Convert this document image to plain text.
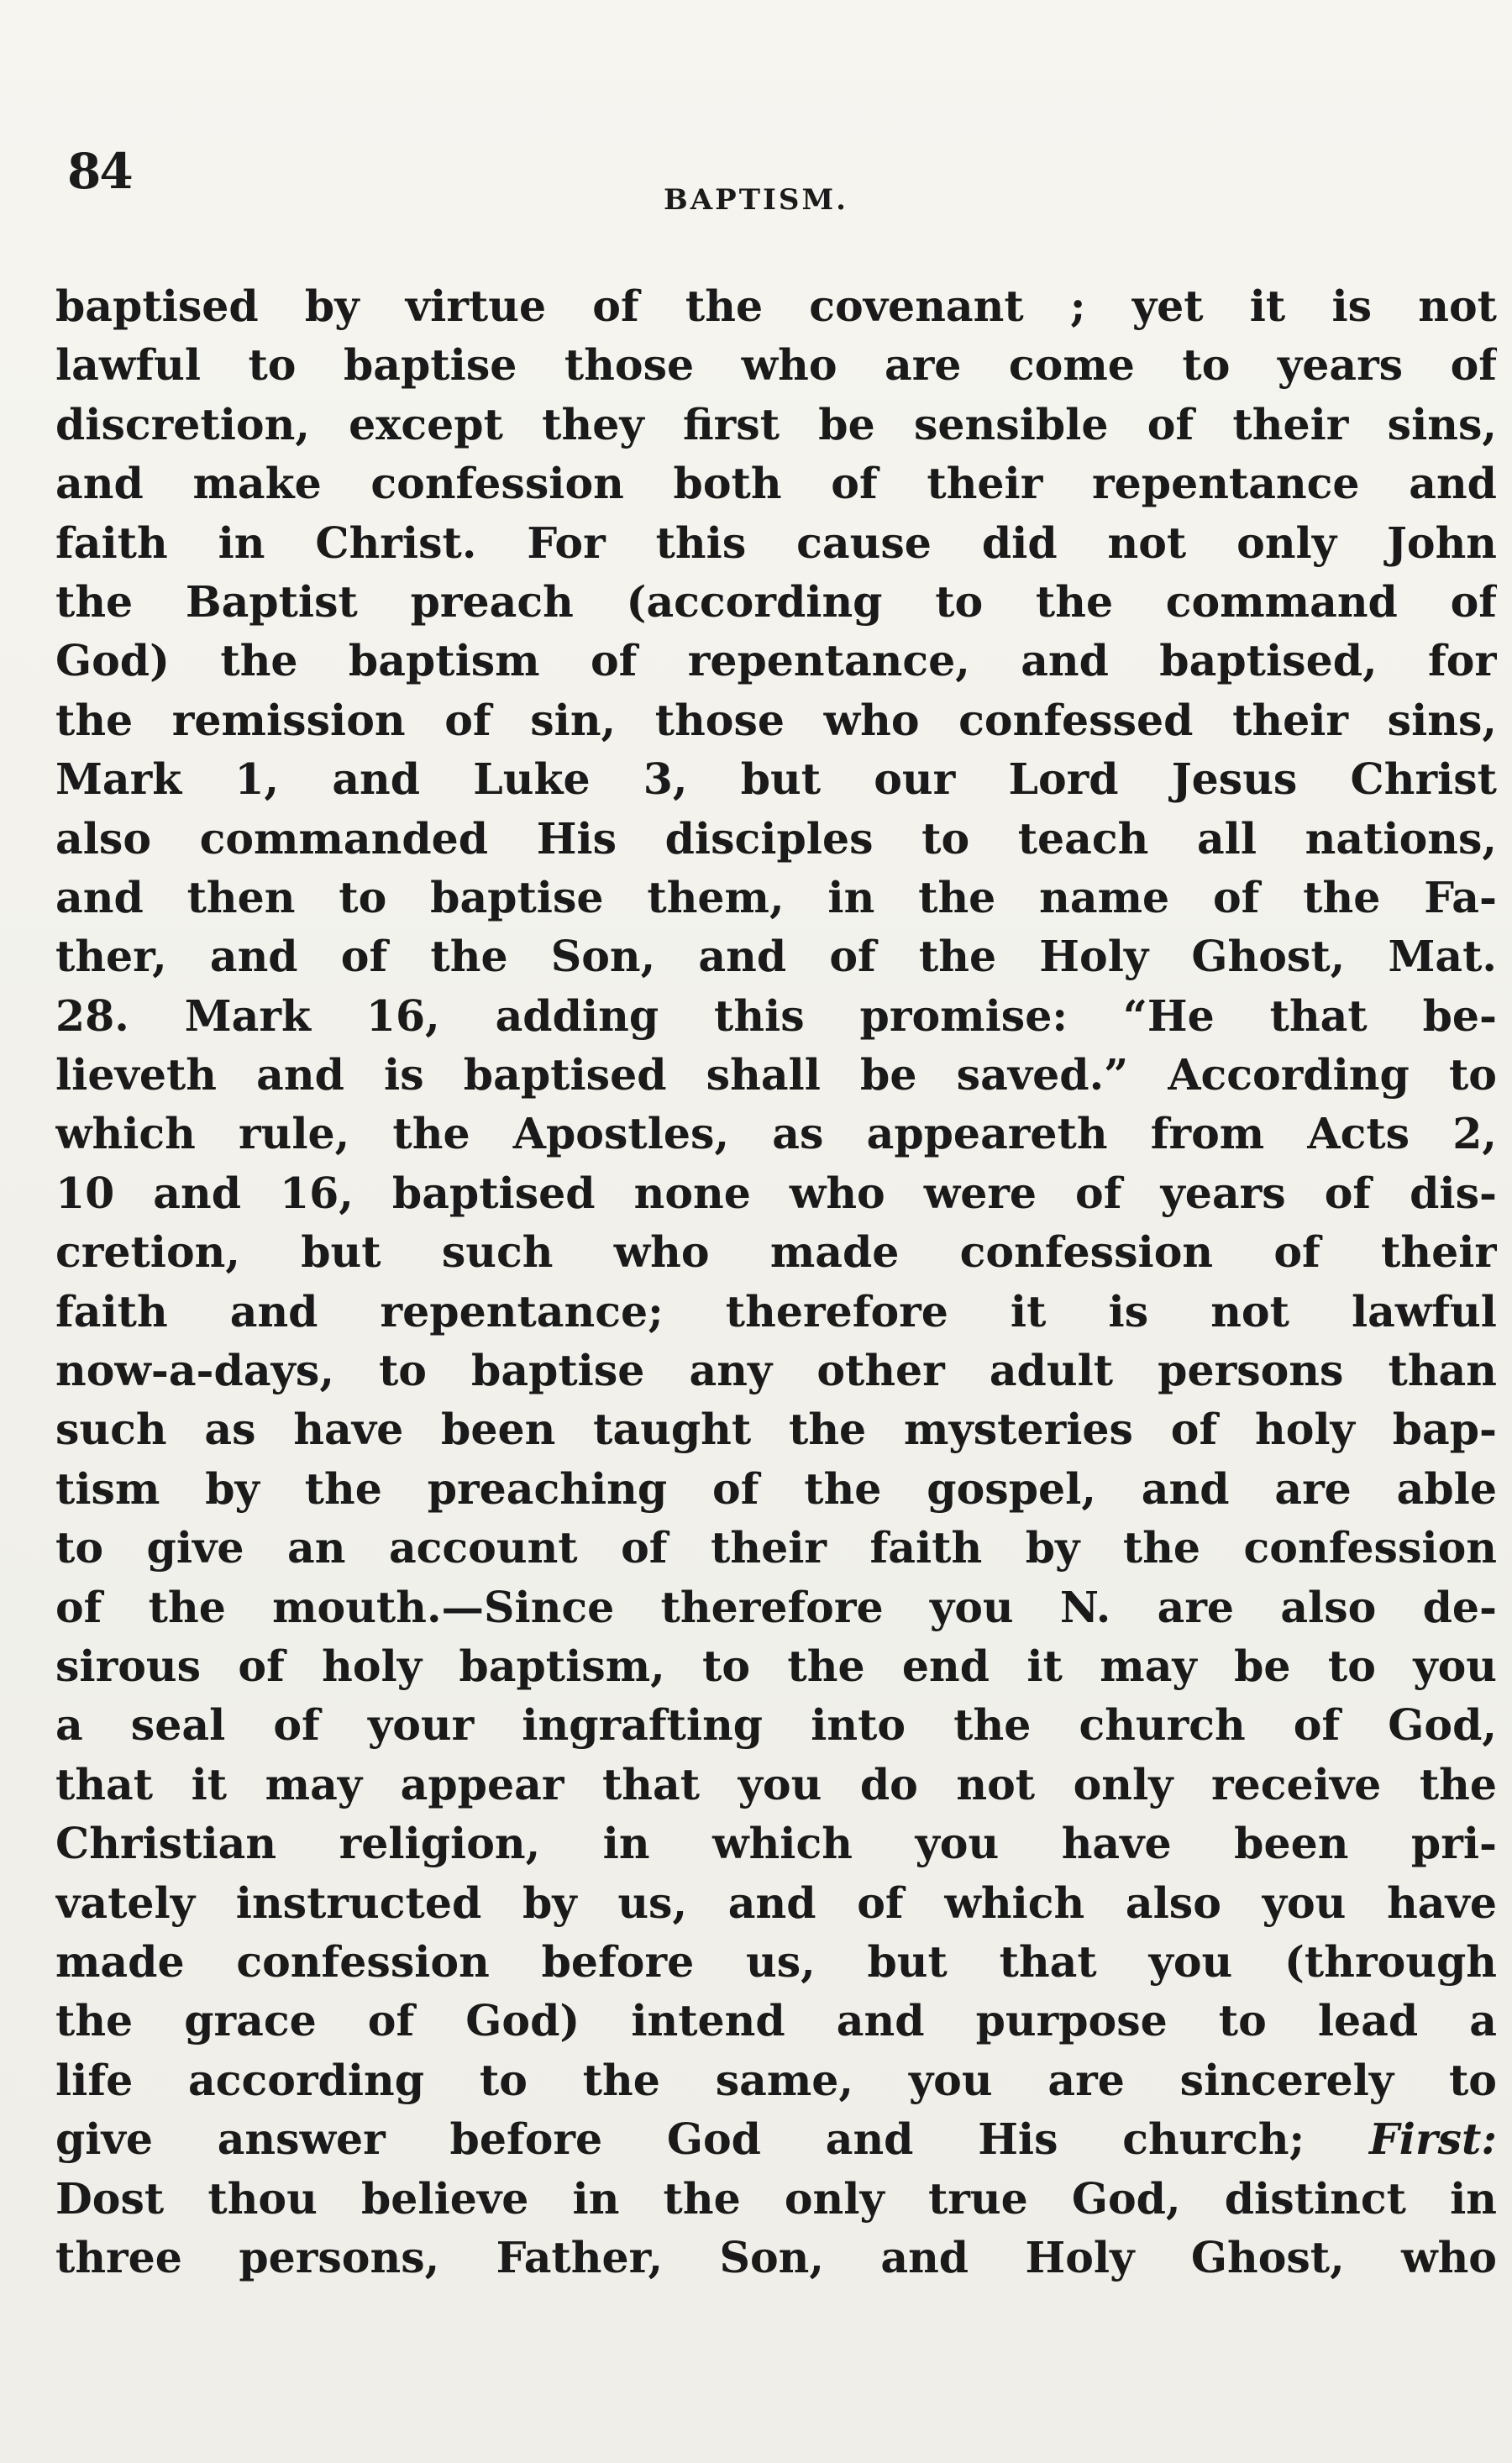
84	BAPTISM.
baptised by virtue of the covenant ; yet it is not
lawful to baptise those who are come to years of
discretion, except they first be sensible of their sins,
and make confession both of their repentance and
faith in Christ. For this cause did not only John
the Baptist preach (according to the command of
God) the baptism of repentance, and baptised, for
the remission of sin, those who confessed their sins,
Mark 1, and Luke 3, but our Lord Jesus Christ
also commanded His disciples to teach all nations,
and then to baptise them, in the name of the Fa-
ther, and of the Son, and of the Holy Ghost, Mat.
28. Mark 16, adding this promise: “He that be-
lieveth and is baptised shall be saved.” According to
which rule, the Apostles, as appeareth from Acts 2,
10 and 16, baptised none who were of years of dis-
cretion, but such who made confession of their
faith and repentance; therefore it is not lawful
now-a-days, to baptise any other adult persons than
such as have been taught the mysteries of holy bap-
tism by the preaching of the gospel, and are able
to give an account of their faith by the confession
of the mouth.—Since therefore you N. are also de-
sirous of holy baptism, to the end it may be to you
a seal of your ingrafting into the church of God,
that it may appear that you do not only receive the
Christian religion, in which you have been pri-
vately instructed by us, and of which also you have
made confession before us, but that you (through
the grace of God) intend and purpose to lead a
life according to the same, you are sincerely to
give answer before God and His church; First:
Dost thou believe in the only true God, distinct in
three persons, Father, Son, and Holy Ghost, who
